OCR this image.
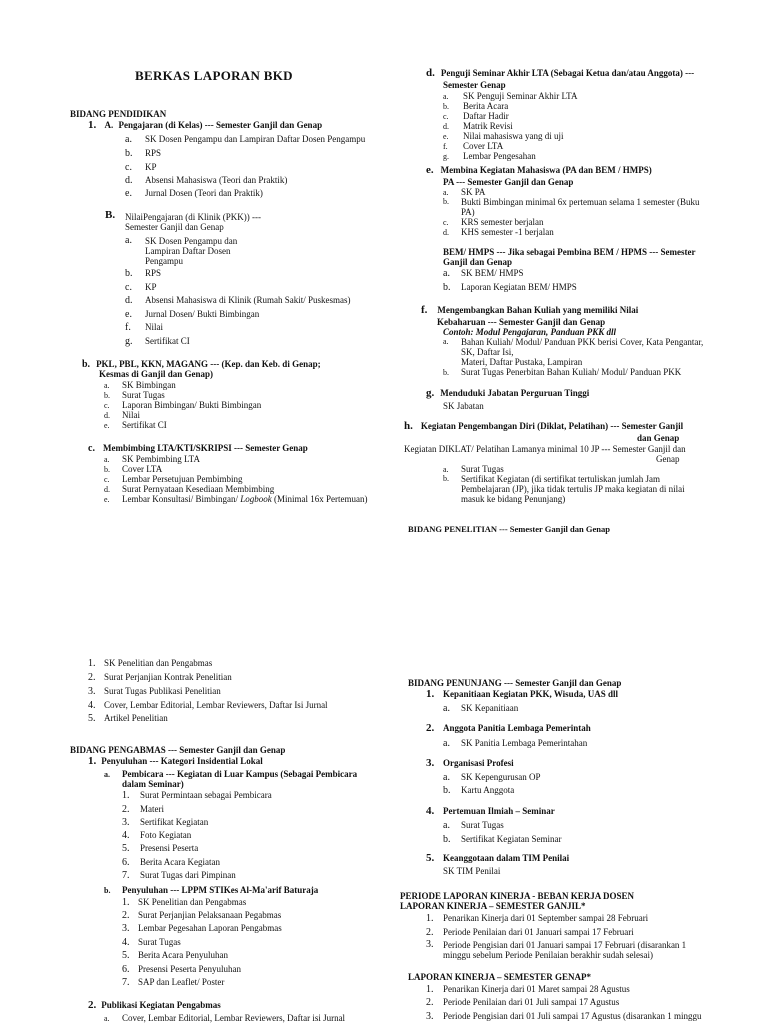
BERKAS LAPORAN BKD
BIDANG PENDIDIKAN
1. A. Pengajaran (di Kelas) --- Semester Ganjil dan Genap
a. SK Dosen Pengampu dan Lampiran Daftar Dosen Pengampu
b. RPS
c. KP
d. Absensi Mahasiswa (Teori dan Praktik)
e. Jurnal Dosen (Teori dan Praktik)
B. NilaiPengajaran (di Klinik (PKK)) ---
Semester Ganjil dan Genap
a. SK Dosen Pengampu dan
Lampiran Daftar Dosen
Pengampu
b. RPS
c. KP
d. Absensi Mahasiswa di Klinik (Rumah Sakit/ Puskesmas)
e. Jurnal Dosen/ Bukti Bimbingan
f. Nilai
g. Sertifikat CI
b. PKL, PBL, KKN, MAGANG --- (Kep. dan Keb. di Genap;
Kesmas di Ganjil dan Genap)
a. SK Bimbingan
b. Surat Tugas
c. Laporan Bimbingan/ Bukti Bimbingan
d. Nilai
e. Sertifikat CI
c. Membimbing LTA/KTI/SKRIPSI --- Semester Genap
a. SK Pembimbing LTA
b. Cover LTA
c. Lembar Persetujuan Pembimbing
d. Surat Pernyataan Kesediaan Membimbing
e. Lembar Konsultasi/ Bimbingan/ Logbook (Minimal 16x Pertemuan)
d. Penguji Seminar Akhir LTA (Sebagai Ketua dan/atau Anggota) ---
Semester Genap
a. SK Penguji Seminar Akhir LTA
b. Berita Acara
c. Daftar Hadir
d. Matrik Revisi
e. Nilai mahasiswa yang di uji
f. Cover LTA
g. Lembar Pengesahan
e. Membina Kegiatan Mahasiswa (PA dan BEM / HMPS)
PA --- Semester Ganjil dan Genap
a. SK PA
b. Bukti Bimbingan minimal 6x pertemuan selama 1 semester (Buku
PA)
c. KRS semester berjalan
d. KHS semester -1 berjalan
BEM/ HMPS --- Jika sebagai Pembina BEM / HPMS --- Semester
Ganjil dan Genap
a. SK BEM/ HMPS
b. Laporan Kegiatan BEM/ HMPS
f. Mengembangkan Bahan Kuliah yang memiliki Nilai
Kebaharuan --- Semester Ganjil dan Genap
Contoh: Modul Pengajaran, Panduan PKK dll
a. Bahan Kuliah/ Modul/ Panduan PKK berisi Cover, Kata Pengantar,
SK, Daftar Isi,
Materi, Daftar Pustaka, Lampiran
b. Surat Tugas Penerbitan Bahan Kuliah/ Modul/ Panduan PKK
g. Menduduki Jabatan Perguruan Tinggi
SK Jabatan
h. Kegiatan Pengembangan Diri (Diklat, Pelatihan) --- Semester Ganjil
dan Genap
Kegiatan DIKLAT/ Pelatihan Lamanya minimal 10 JP --- Semester Ganjil dan
Genap
a. Surat Tugas
b. Sertifikat Kegiatan (di sertifikat tertuliskan jumlah Jam
Pembelajaran (JP), jika tidak tertulis JP maka kegiatan di nilai
masuk ke bidang Penunjang)
BIDANG PENELITIAN --- Semester Ganjil dan Genap
1. SK Penelitian dan Pengabmas
2. Surat Perjanjian Kontrak Penelitian
3. Surat Tugas Publikasi Penelitian
4. Cover, Lembar Editorial, Lembar Reviewers, Daftar Isi Jurnal
5. Artikel Penelitian
BIDANG PENGABMAS --- Semester Ganjil dan Genap
1. Penyuluhan --- Kategori Insidential Lokal
a. Pembicara --- Kegiatan di Luar Kampus (Sebagai Pembicara
dalam Seminar)
1. Surat Permintaan sebagai Pembicara
2. Materi
3. Sertifikat Kegiatan
4. Foto Kegiatan
5. Presensi Peserta
6. Berita Acara Kegiatan
7. Surat Tugas dari Pimpinan
b. Penyuluhan --- LPPM STIKes Al-Ma'arif Baturaja
1. SK Penelitian dan Pengabmas
2. Surat Perjanjian Pelaksanaan Pegabmas
3. Lembar Pegesahan Laporan Pengabmas
4. Surat Tugas
5. Berita Acara Penyuluhan
6. Presensi Peserta Penyuluhan
7. SAP dan Leaflet/ Poster
2. Publikasi Kegiatan Pengabmas
a. Cover, Lembar Editorial, Lembar Reviewers, Daftar isi Jurnal
BIDANG PENUNJANG --- Semester Ganjil dan Genap
1. Kepanitiaan Kegiatan PKK, Wisuda, UAS dll
a. SK Kepanitiaan
2. Anggota Panitia Lembaga Pemerintah
a. SK Panitia Lembaga Pemerintahan
3. Organisasi Profesi
a. SK Kepengurusan OP
b. Kartu Anggota
4. Pertemuan Ilmiah – Seminar
a. Surat Tugas
b. Sertifikat Kegiatan Seminar
5. Keanggotaan dalam TIM Penilai
SK TIM Penilai
PERIODE LAPORAN KINERJA - BEBAN KERJA DOSEN
LAPORAN KINERJA – SEMESTER GANJIL*
1. Penarikan Kinerja dari 01 September sampai 28 Februari
2. Periode Penilaian dari 01 Januari sampai 17 Februari
3. Periode Pengisian dari 01 Januari sampai 17 Februari (disarankan 1
minggu sebelum Periode Penilaian berakhir sudah selesai)
LAPORAN KINERJA – SEMESTER GENAP*
1. Penarikan Kinerja dari 01 Maret sampai 28 Agustus
2. Periode Penilaian dari 01 Juli sampai 17 Agustus
3. Periode Pengisian dari 01 Juli sampai 17 Agustus (disarankan 1 minggu
